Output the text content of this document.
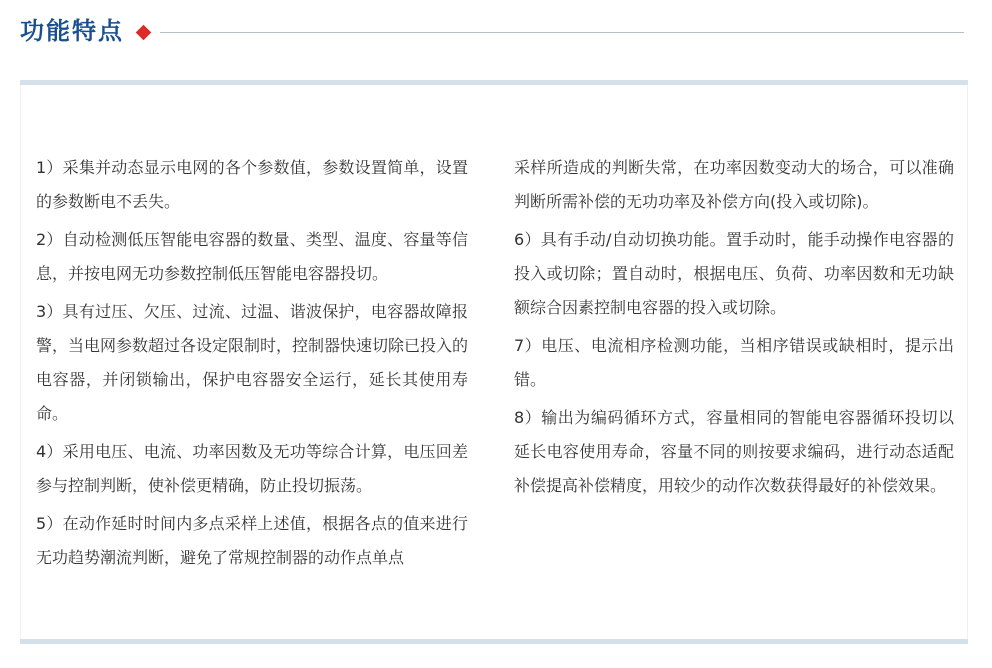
功能特点

1）采集并动态显示电网的各个参数值，参数设置简单，设置的参数断电不丢失。

2）自动检测低压智能电容器的数量、类型、温度、容量等信息，并按电网无功参数控制低压智能电容器投切。

3）具有过压、欠压、过流、过温、谐波保护，电容器故障报警，当电网参数超过各设定限制时，控制器快速切除已投入的电容器，并闭锁输出，保护电容器安全运行，延长其使用寿命。

4）采用电压、电流、功率因数及无功等综合计算，电压回差参与控制判断，使补偿更精确，防止投切振荡。

5）在动作延时时间内多点采样上述值，根据各点的值来进行无功趋势潮流判断，避免了常规控制器的动作点单点

采样所造成的判断失常，在功率因数变动大的场合，可以准确判断所需补偿的无功功率及补偿方向(投入或切除)。

6）具有手动/自动切换功能。置手动时，能手动操作电容器的投入或切除；置自动时，根据电压、负荷、功率因数和无功缺额综合因素控制电容器的投入或切除。

7）电压、电流相序检测功能，当相序错误或缺相时，提示出错。

8）输出为编码循环方式，容量相同的智能电容器循环投切以延长电容使用寿命，容量不同的则按要求编码，进行动态适配补偿提高补偿精度，用较少的动作次数获得最好的补偿效果。
